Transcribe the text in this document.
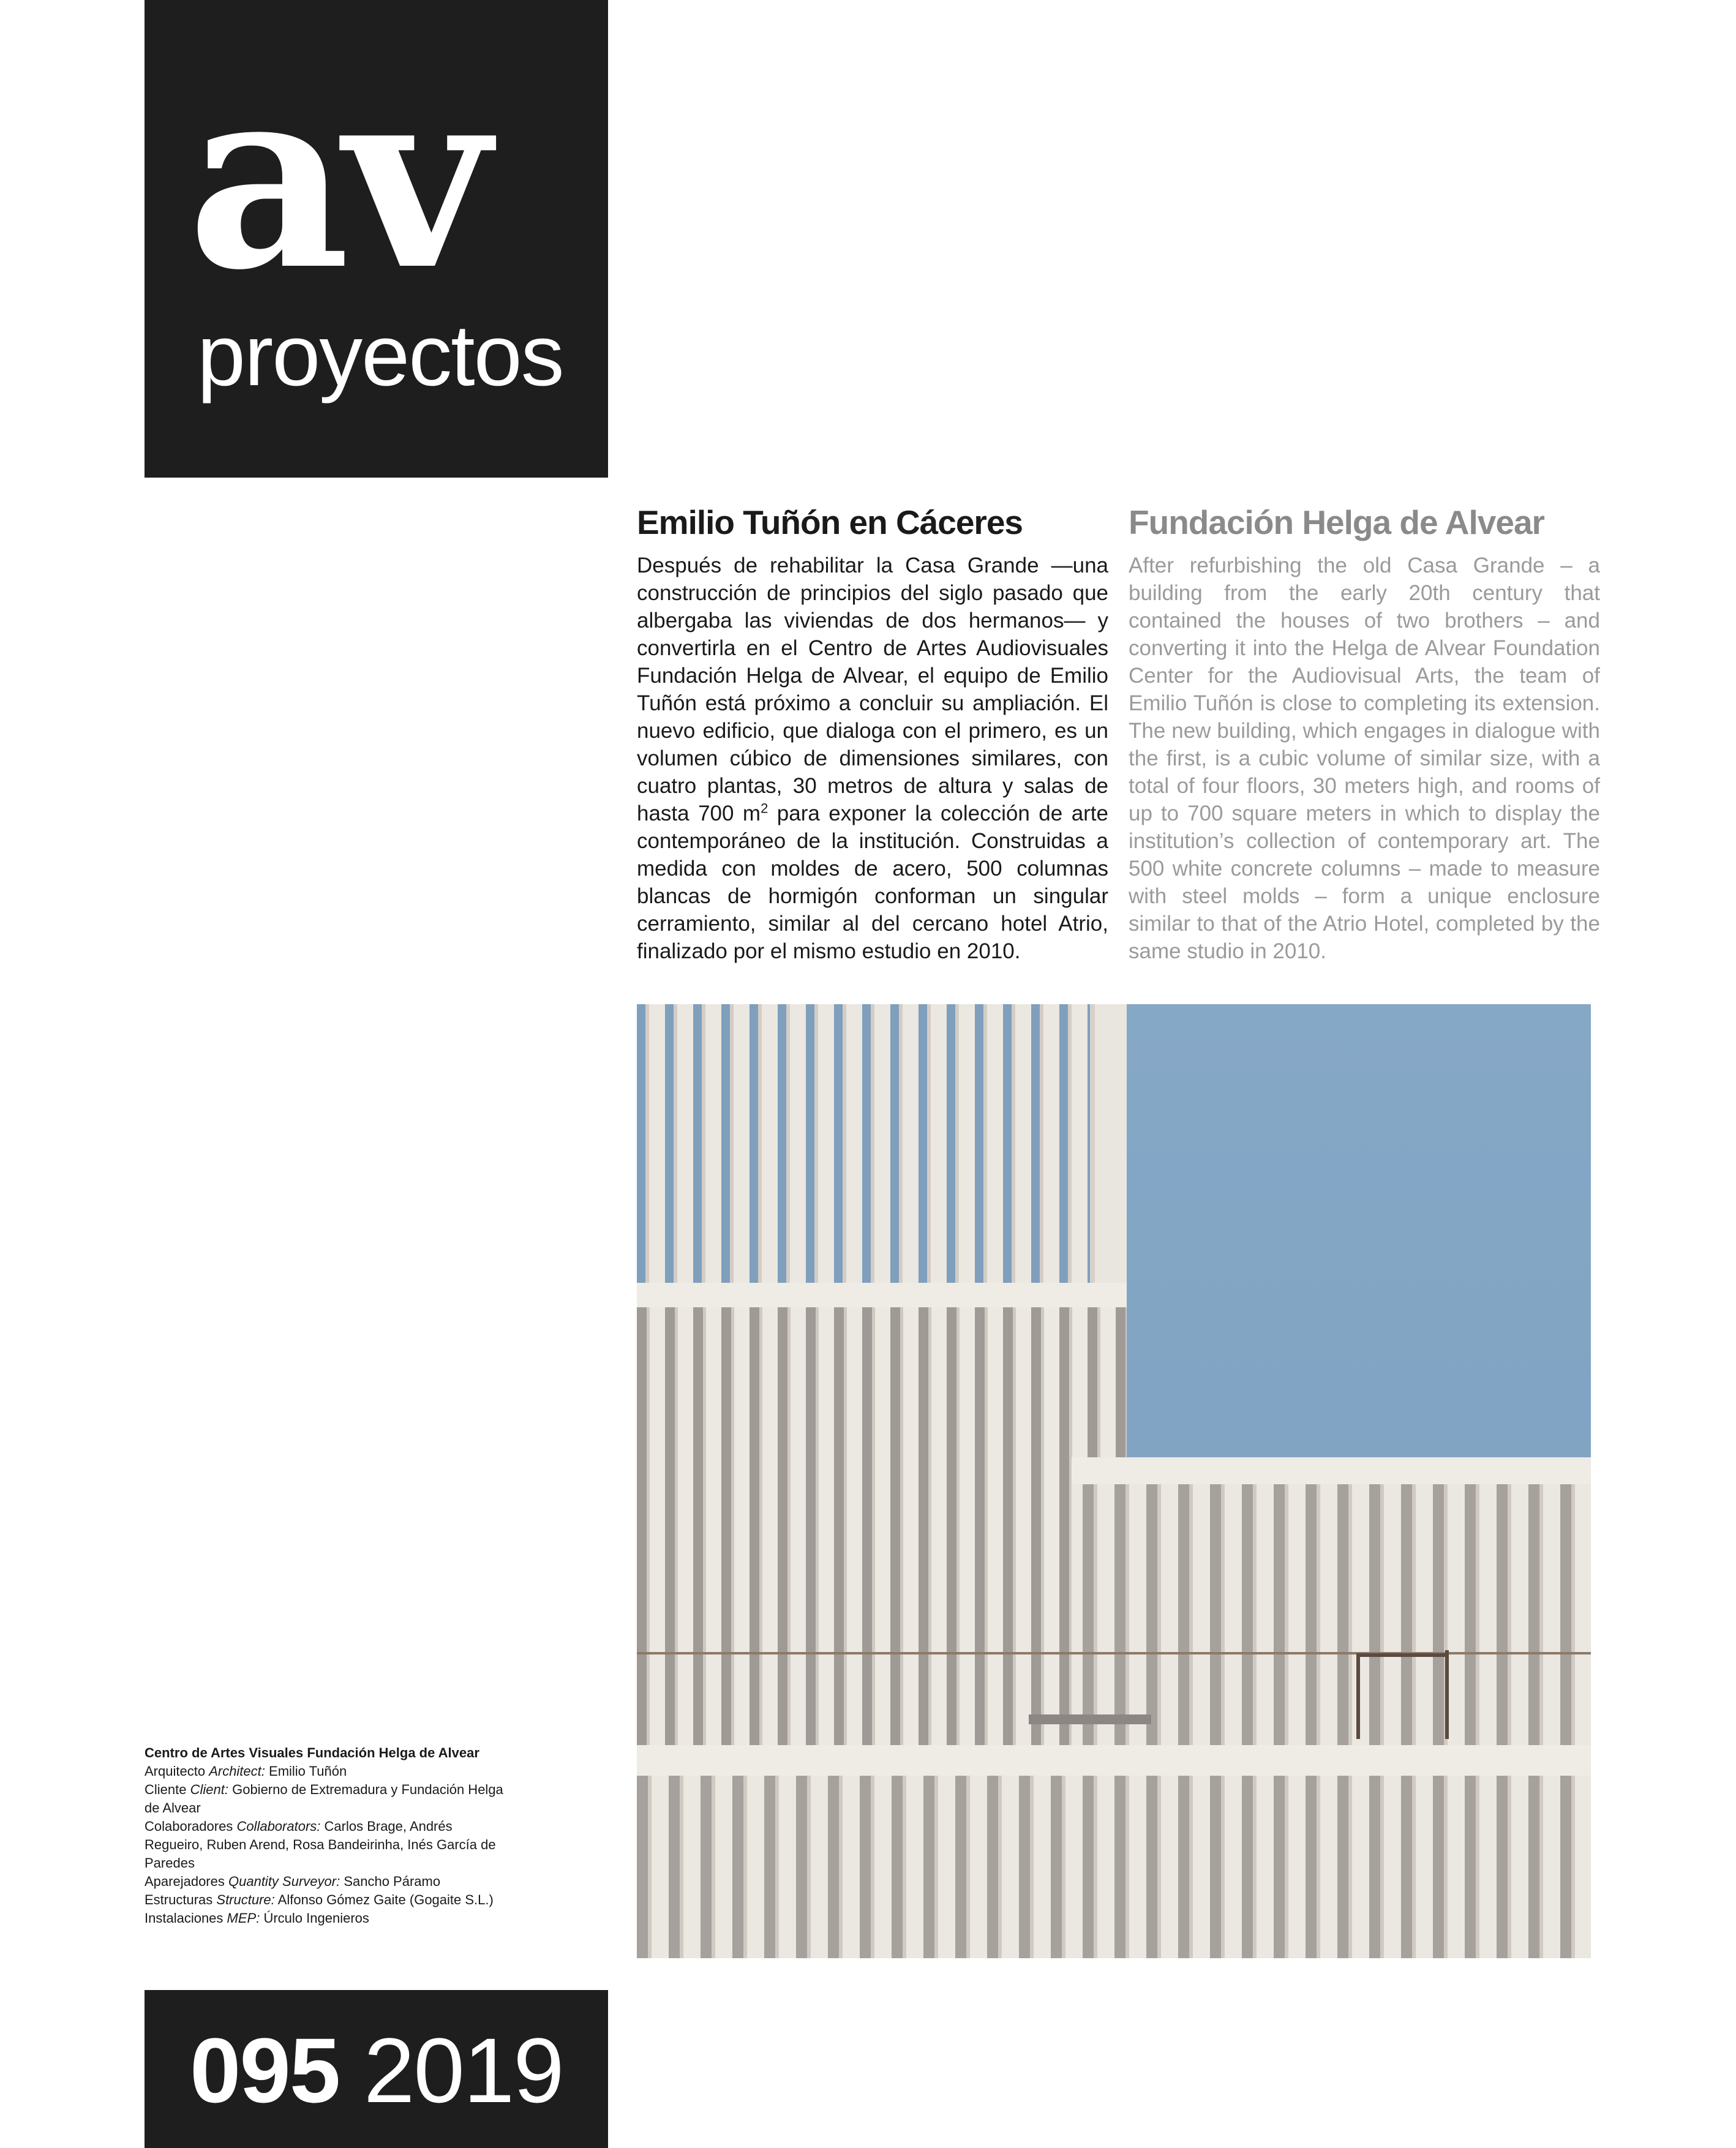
av
proyectos
Emilio Tuñón en Cáceres

Después de rehabilitar la Casa Grande —una construcción de principios del siglo pasado que albergaba las viviendas de dos hermanos— y convertirla en el Centro de Artes Audiovisuales Fundación Helga de Alvear, el equipo de Emilio Tuñón está próximo a concluir su ampliación. El nuevo edificio, que dialoga con el primero, es un volumen cúbico de dimensiones similares, con cuatro plantas, 30 metros de altura y salas de hasta 700 $m^2$ para exponer la colección de arte contemporáneo de la institución. Construidas a medida con moldes de acero, 500 columnas blancas de hormigón conforman un singular cerramiento, similar al del cercano hotel Atrio, finalizado por el mismo estudio en 2010.

Fundación Helga de Alvear

After refurbishing the old Casa Grande – a building from the early 20th century that contained the houses of two brothers – and converting it into the Helga de Alvear Foundation Center for the Audiovisual Arts, the team of Emilio Tuñón is close to completing its extension. The new building, which engages in dialogue with the first, is a cubic volume of similar size, with a total of four floors, 30 meters high, and rooms of up to 700 square meters in which to display the institution’s collection of contemporary art. The 500 white concrete columns – made to measure with steel molds – form a unique enclosure similar to that of the Atrio Hotel, completed by the same studio in 2010.

Centro de Artes Visuales Fundación Helga de Alvear
Arquitecto Architect: Emilio Tuñón
Cliente Client: Gobierno de Extremadura y Fundación Helga de Alvear
Colaboradores Collaborators: Carlos Brage, Andrés Regueiro, Ruben Arend, Rosa Bandeirinha, Inés García de Paredes
Aparejadores Quantity Surveyor: Sancho Páramo
Estructuras Structure: Alfonso Gómez Gaite (Gogaite S.L.)
Instalaciones MEP: Úrculo Ingenieros
095 2019
